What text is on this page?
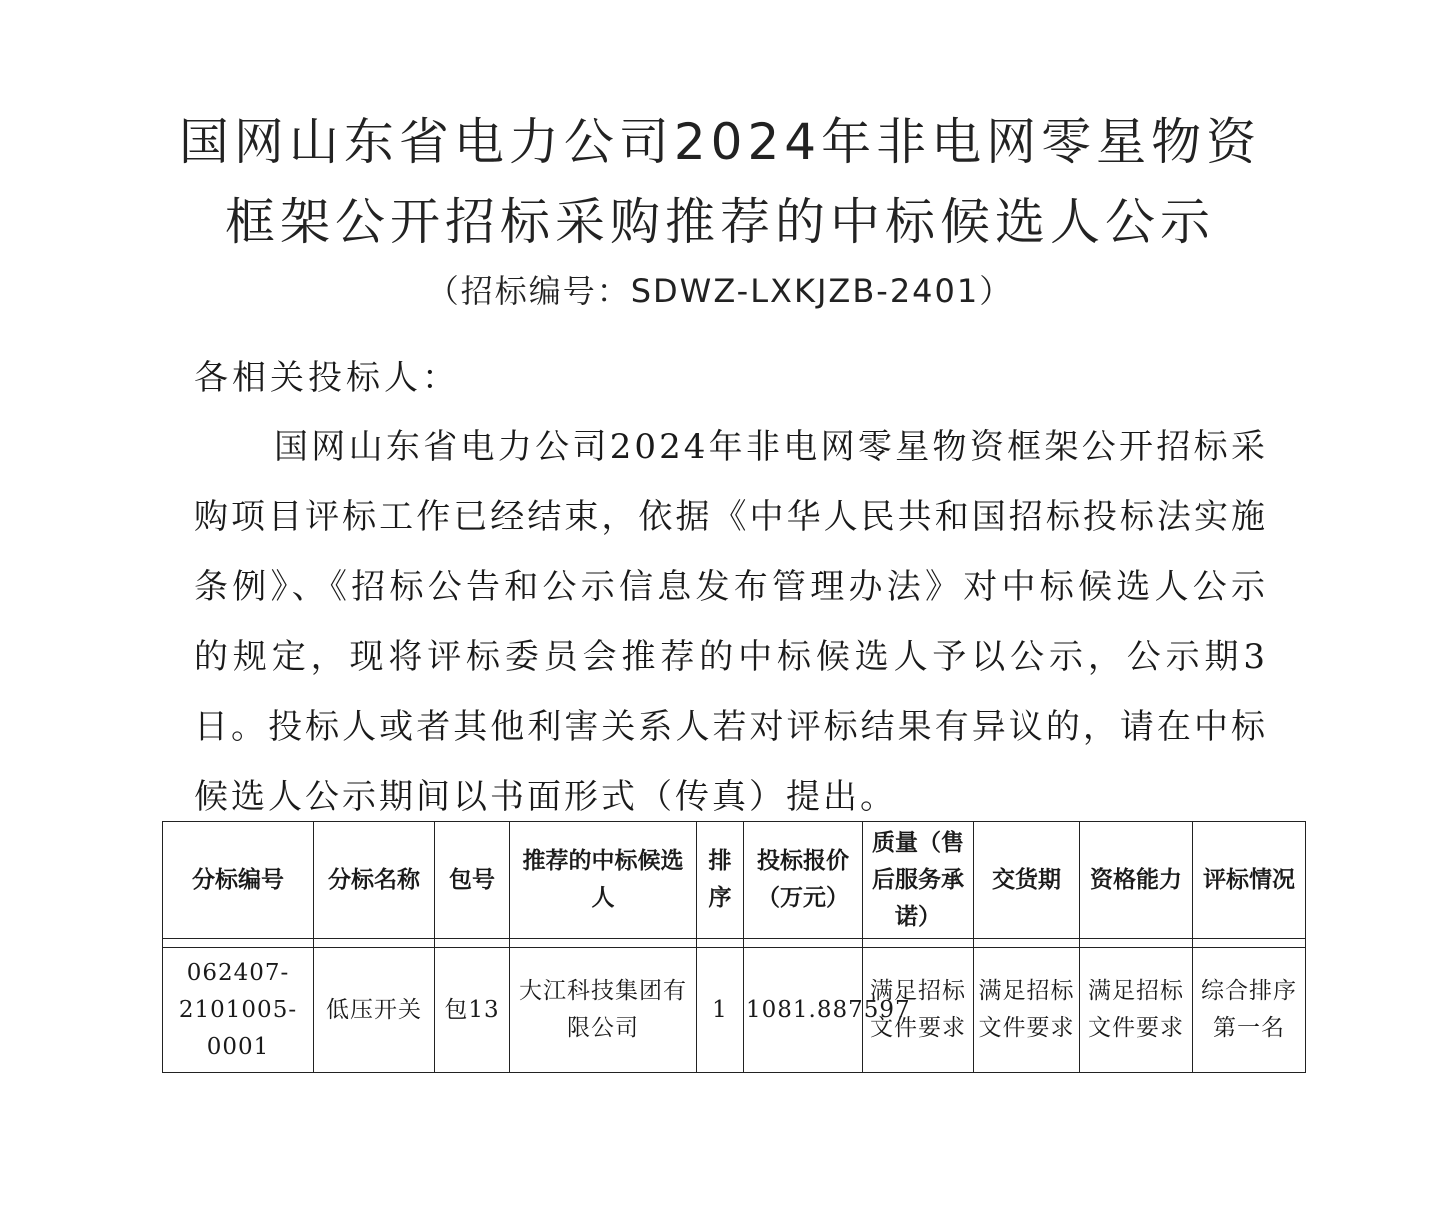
国网山东省电力公司2024年非电网零星物资
框架公开招标采购推荐的中标候选人公示
（招标编号：SDWZ-LXKJZB-2401）
各相关投标人：

国网山东省电力公司2024年非电网零星物资框架公开招标采购项目评标工作已经结束，依据《中华人民共和国招标投标法实施条例》、《招标公告和公示信息发布管理办法》对中标候选人公示的规定，现将评标委员会推荐的中标候选人予以公示，公示期3日。投标人或者其他利害关系人若对评标结果有异议的，请在中标候选人公示期间以书面形式（传真）提出。

分标编号	分标名称	包号	推荐的中标候选人	排序	投标报价（万元）	质量（售后服务承诺）	交货期	资格能力	评标情况

062407-2101005-0001	低压开关	包13	大江科技集团有限公司	1	1081.887597	满足招标文件要求	满足招标文件要求	满足招标文件要求	综合排序第一名
